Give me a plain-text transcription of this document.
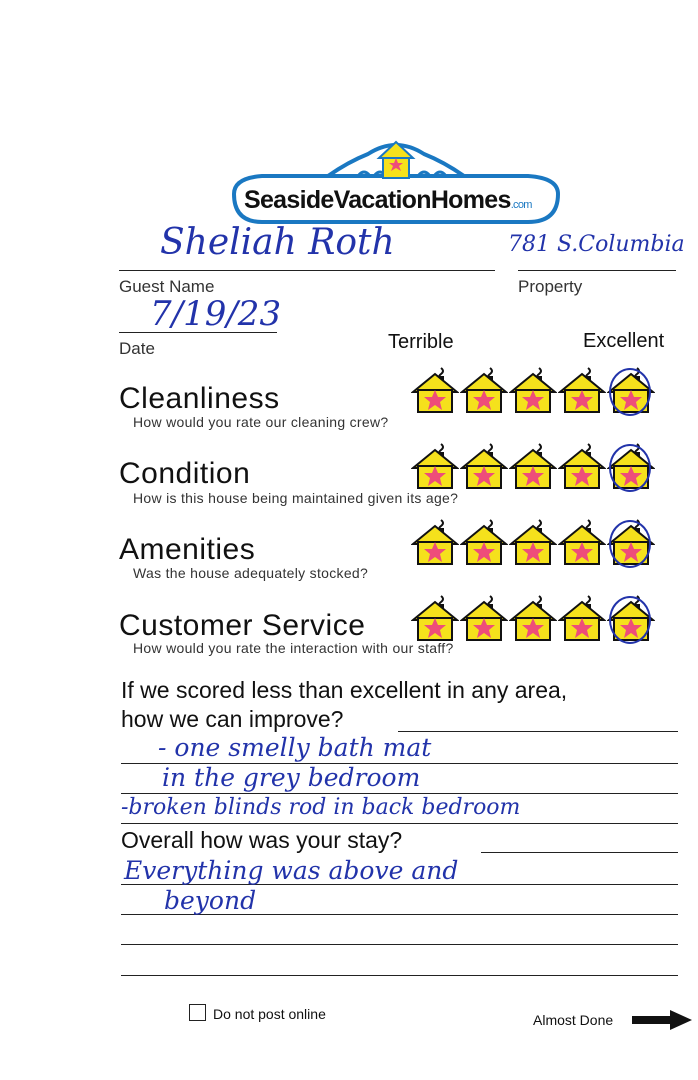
SeasideVacationHomes.com
Sheliah Roth
Guest Name
781 S.Columbia
Property
7/19/23
Date	Terrible	Excellent
Cleanliness
How would you rate our cleaning crew?
Condition
How is this house being maintained given its age?
Amenities
Was the house adequately stocked?
Customer Service
How would you rate the interaction with our staff?
If we scored less than excellent in any area,
how we can improve?
- one smelly bath mat
in the grey bedroom
-broken blinds rod in back bedroom
Overall how was your stay?
Everything was above and
beyond
Do not post online	Almost Done
